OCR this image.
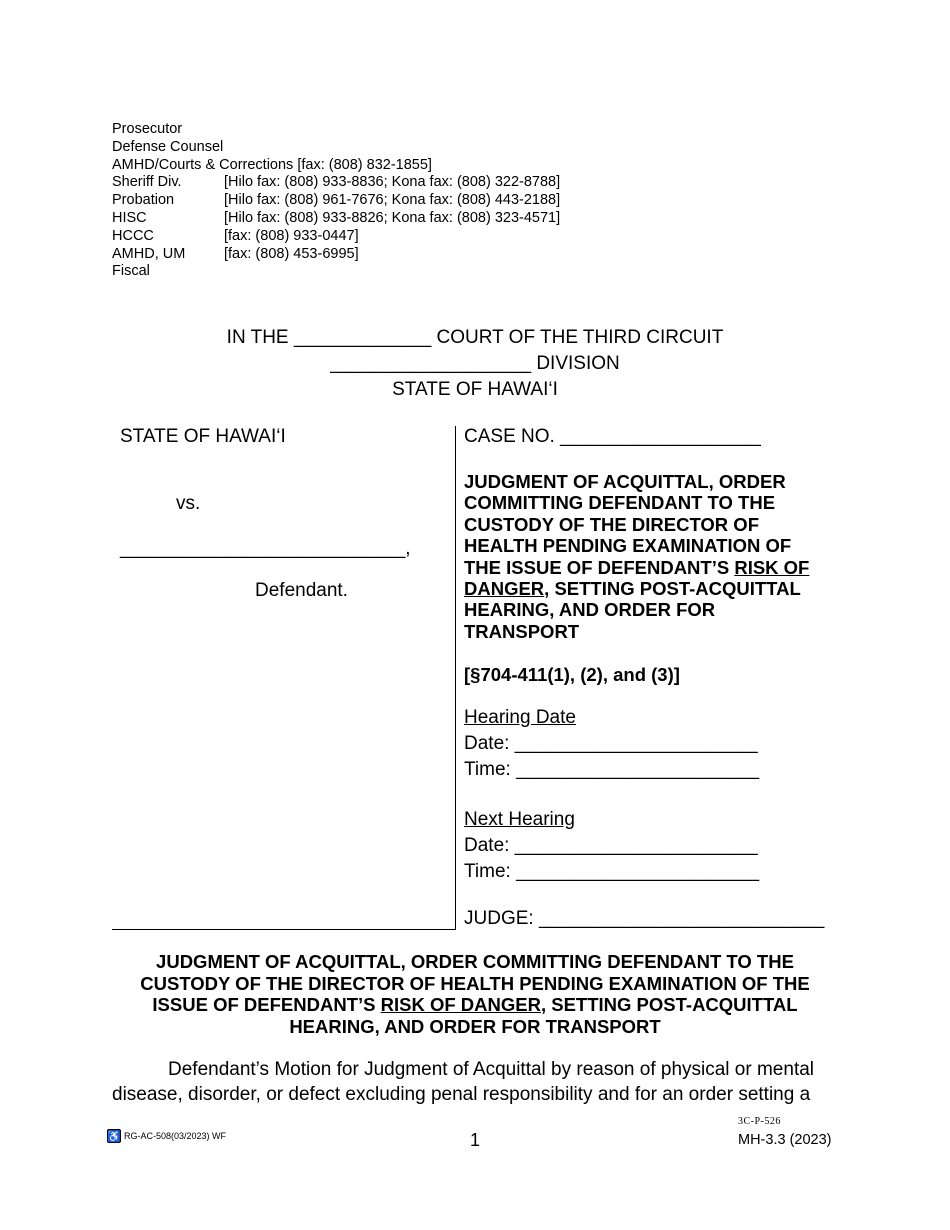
Prosecutor
Defense Counsel
AMHD/Courts & Corrections [fax: (808) 832-1855]
Sheriff Div.	[Hilo fax: (808) 933-8836; Kona fax: (808) 322-8788]
Probation	[Hilo fax: (808) 961-7676; Kona fax: (808) 443-2188]
HISC	[Hilo fax: (808) 933-8826; Kona fax: (808) 323-4571]
HCCC	[fax: (808) 933-0447]
AMHD, UM	[fax: (808) 453-6995]
Fiscal
IN THE _____________ COURT OF THE THIRD CIRCUIT
___________________ DIVISION
STATE OF HAWAI‘I
STATE OF HAWAI‘I
vs.
___________________________,
Defendant.
CASE NO. ___________________
JUDGMENT OF ACQUITTAL, ORDER COMMITTING DEFENDANT TO THE CUSTODY OF THE DIRECTOR OF HEALTH PENDING EXAMINATION OF THE ISSUE OF DEFENDANT’S RISK OF DANGER, SETTING POST-ACQUITTAL HEARING, AND ORDER FOR TRANSPORT
[§704-411(1), (2), and (3)]
Hearing Date
Date: _______________________
Time: _______________________
Next Hearing
Date: _______________________
Time: _______________________
JUDGE: ___________________________
JUDGMENT OF ACQUITTAL, ORDER COMMITTING DEFENDANT TO THE CUSTODY OF THE DIRECTOR OF HEALTH PENDING EXAMINATION OF THE ISSUE OF DEFENDANT’S RISK OF DANGER, SETTING POST-ACQUITTAL HEARING, AND ORDER FOR TRANSPORT
Defendant’s Motion for Judgment of Acquittal by reason of physical or mental
disease, disorder, or defect excluding penal responsibility and for an order setting a
♿ RG-AC-508(03/2023) WF	1
3C-P-526
MH-3.3 (2023)
